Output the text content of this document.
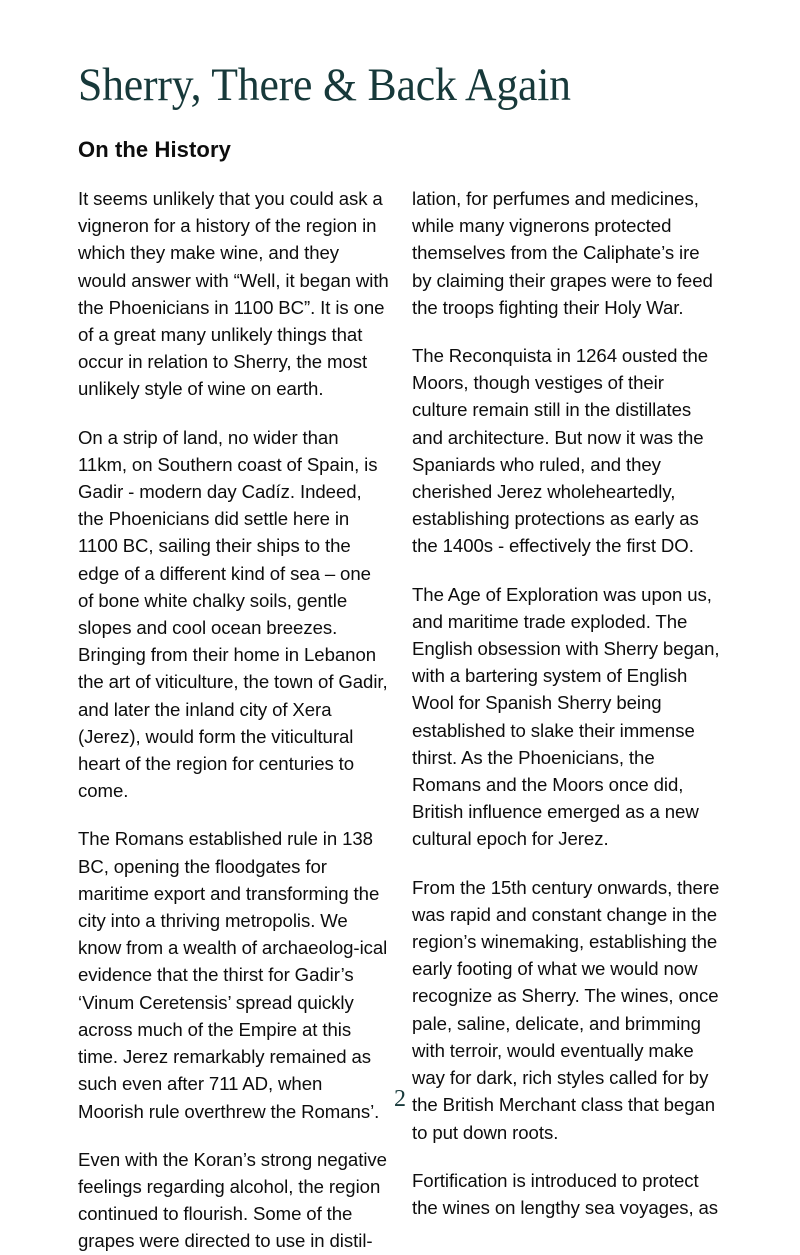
Sherry, There & Back Again
On the History

It seems unlikely that you could ask a vigneron for a history of the region in which they make wine, and they would answer with “Well, it began with the Phoenicians in 1100 BC”. It is one of a great many unlikely things that occur in relation to Sherry, the most unlikely style of wine on earth.

On a strip of land, no wider than 11km, on Southern coast of Spain, is Gadir - modern day Cadíz. Indeed, the Phoenicians did settle here in 1100 BC, sailing their ships to the edge of a different kind of sea – one of bone white chalky soils, gentle slopes and cool ocean breezes. Bringing from their home in Lebanon the art of viticulture, the town of Gadir, and later the inland city of Xera (Jerez), would form the viticultural heart of the region for centuries to come.

The Romans established rule in 138 BC, opening the floodgates for maritime export and transforming the city into a thriving metropolis. We know from a wealth of archaeolog-ical evidence that the thirst for Gadir’s ‘Vinum Ceretensis’ spread quickly across much of the Empire at this time. Jerez remarkably remained as such even after 711 AD, when Moorish rule overthrew the Romans’.

Even with the Koran’s strong negative feelings regarding alcohol, the region continued to flourish. Some of the grapes were directed to use in distil-

lation, for perfumes and medicines, while many vignerons protected themselves from the Caliphate’s ire by claiming their grapes were to feed the troops fighting their Holy War.

The Reconquista in 1264 ousted the Moors, though vestiges of their culture remain still in the distillates and architecture. But now it was the Spaniards who ruled, and they cherished Jerez wholeheartedly, establishing protections as early as the 1400s - effectively the first DO.

The Age of Exploration was upon us, and maritime trade exploded. The English obsession with Sherry began, with a bartering system of English Wool for Spanish Sherry being established to slake their immense thirst. As the Phoenicians, the Romans and the Moors once did, British influence emerged as a new cultural epoch for Jerez.

From the 15th century onwards, there was rapid and constant change in the region’s winemaking, establishing the early footing of what we would now recognize as Sherry. The wines, once pale, saline, delicate, and brimming with terroir, would eventually make way for dark, rich styles called for by the British Merchant class that began to put down roots.

Fortification is introduced to protect the wines on lengthy sea voyages, as

2
